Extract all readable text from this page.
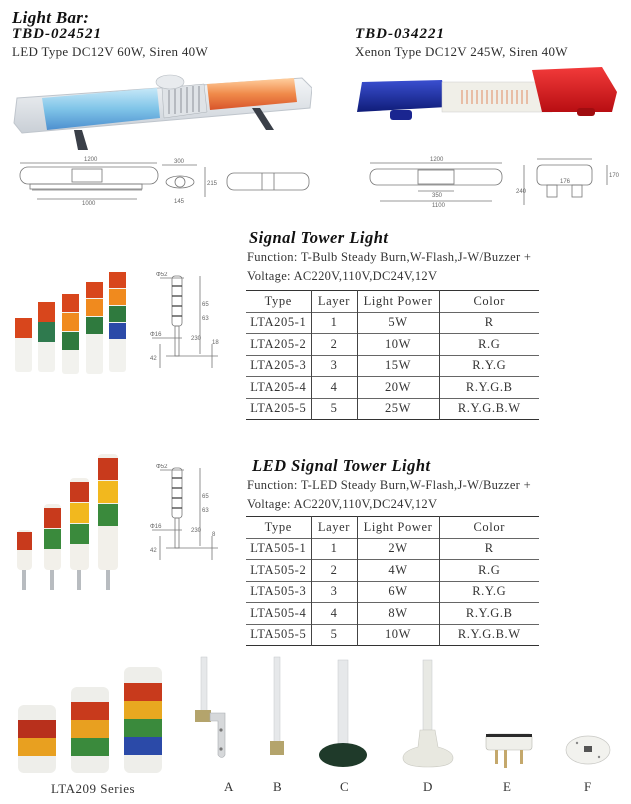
Light Bar:
TBD-024521
LED Type DC12V 60W, Siren 40W
TBD-034221
Xenon Type DC12V 245W, Siren 40W
1200
1000
300
215
145
1200
350
1100
240
176
170
Signal Tower Light
Function: T-Bulb Steady Burn,W-Flash,J-W/Buzzer +
Voltage: AC220V,110V,DC24V,12V
Φ52
65
63
230
Φ16
42
18
Type	Layer	Light Power	Color
LTA205-1	1	5W	R
LTA205-2	2	10W	R.G
LTA205-3	3	15W	R.Y.G
LTA205-4	4	20W	R.Y.G.B
LTA205-5	5	25W	R.Y.G.B.W
LED Signal Tower Light
Function: T-LED Steady Burn,W-Flash,J-W/Buzzer +
Voltage: AC220V,110V,DC24V,12V
Φ52
65
63
230
Φ16
42
8
Type	Layer	Light Power	Color
LTA505-1	1	2W	R
LTA505-2	2	4W	R.G
LTA505-3	3	6W	R.Y.G
LTA505-4	4	8W	R.Y.G.B
LTA505-5	5	10W	R.Y.G.B.W
LTA209 Series	A	B	C	D	E	F
